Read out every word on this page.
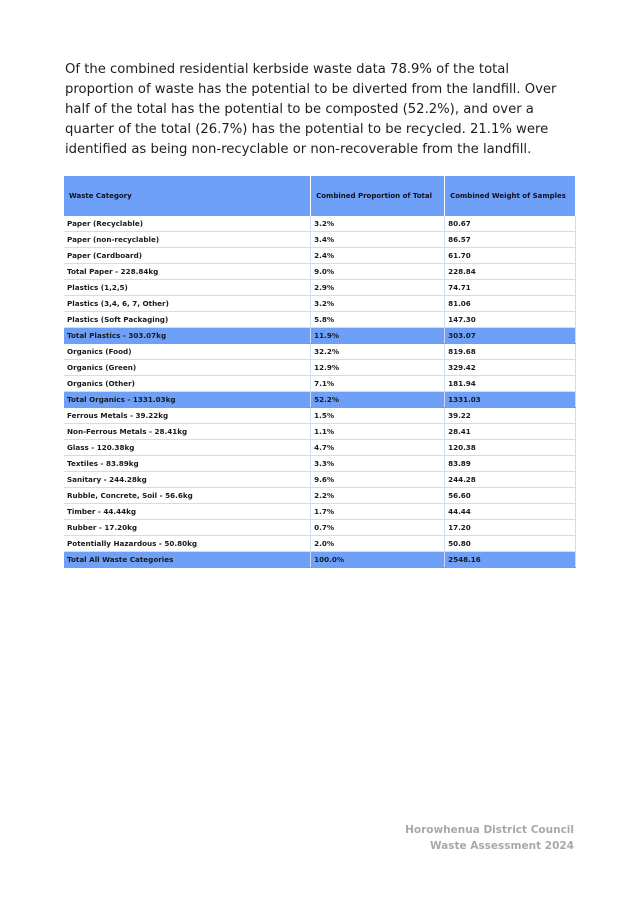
Of the combined residential kerbside waste data 78.9% of the total proportion of waste has the potential to be diverted from the landfill. Over half of the total has the potential to be composted (52.2%), and over a quarter of the total (26.7%) has the potential to be recycled. 21.1% were identified as being non-recyclable or non-recoverable from the landfill.

Waste Category	Combined Proportion of Total	Combined Weight of Samples
Paper (Recyclable)	3.2%	80.67
Paper (non-recyclable)	3.4%	86.57
Paper (Cardboard)	2.4%	61.70
Total Paper - 228.84kg	9.0%	228.84
Plastics (1,2,5)	2.9%	74.71
Plastics (3,4, 6, 7, Other)	3.2%	81.06
Plastics (Soft Packaging)	5.8%	147.30
Total Plastics - 303.07kg	11.9%	303.07
Organics (Food)	32.2%	819.68
Organics (Green)	12.9%	329.42
Organics (Other)	7.1%	181.94
Total Organics - 1331.03kg	52.2%	1331.03
Ferrous Metals - 39.22kg	1.5%	39.22
Non-Ferrous Metals - 28.41kg	1.1%	28.41
Glass - 120.38kg	4.7%	120.38
Textiles - 83.89kg	3.3%	83.89
Sanitary - 244.28kg	9.6%	244.28
Rubble, Concrete, Soil - 56.6kg	2.2%	56.60
Timber - 44.44kg	1.7%	44.44
Rubber - 17.20kg	0.7%	17.20
Potentially Hazardous - 50.80kg	2.0%	50.80
Total All Waste Categories	100.0%	2548.16
Horowhenua District Council
Waste Assessment 2024
